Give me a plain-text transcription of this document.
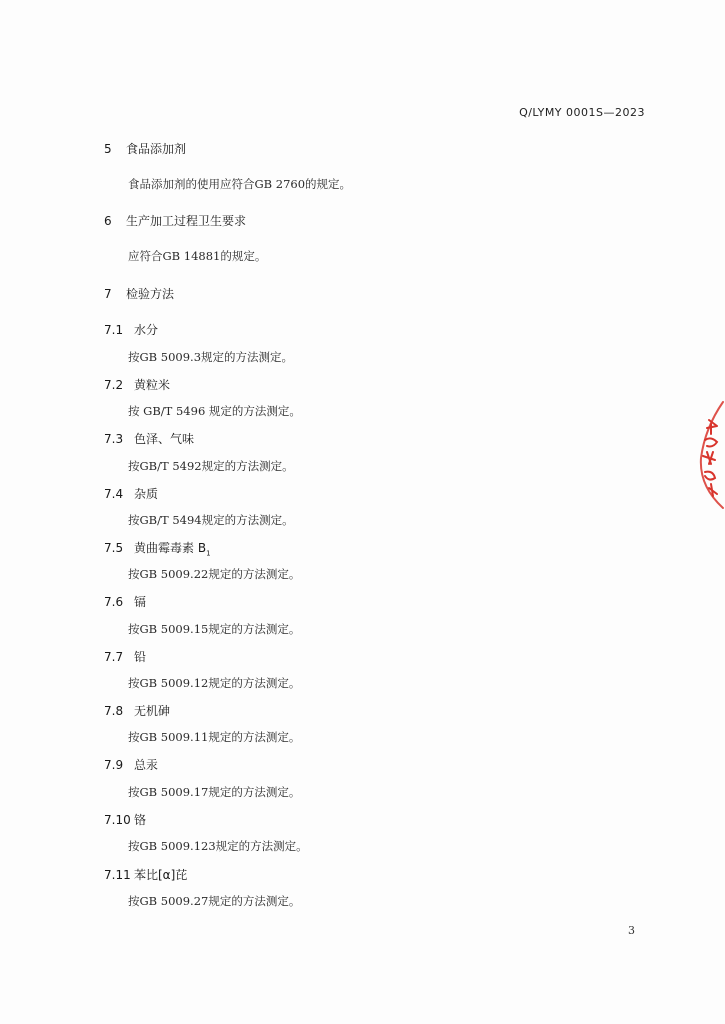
Q/LYMY 0001S—2023
5 食品添加剂
食品添加剂的使用应符合GB 2760的规定。
6 生产加工过程卫生要求
应符合GB 14881的规定。
7 检验方法
7.1 水分
按GB 5009.3规定的方法测定。
7.2 黄粒米
按 GB/T 5496 规定的方法测定。
7.3 色泽、气味
按GB/T 5492规定的方法测定。
7.4 杂质
按GB/T 5494规定的方法测定。
7.5 黄曲霉毒素 $B_1$
按GB 5009.22规定的方法测定。
7.6 镉
按GB 5009.15规定的方法测定。
7.7 铅
按GB 5009.12规定的方法测定。
7.8 无机砷
按GB 5009.11规定的方法测定。
7.9 总汞
按GB 5009.17规定的方法测定。
7.10 铬
按GB 5009.123规定的方法测定。
7.11 苯比[α]芘
按GB 5009.27规定的方法测定。
3
